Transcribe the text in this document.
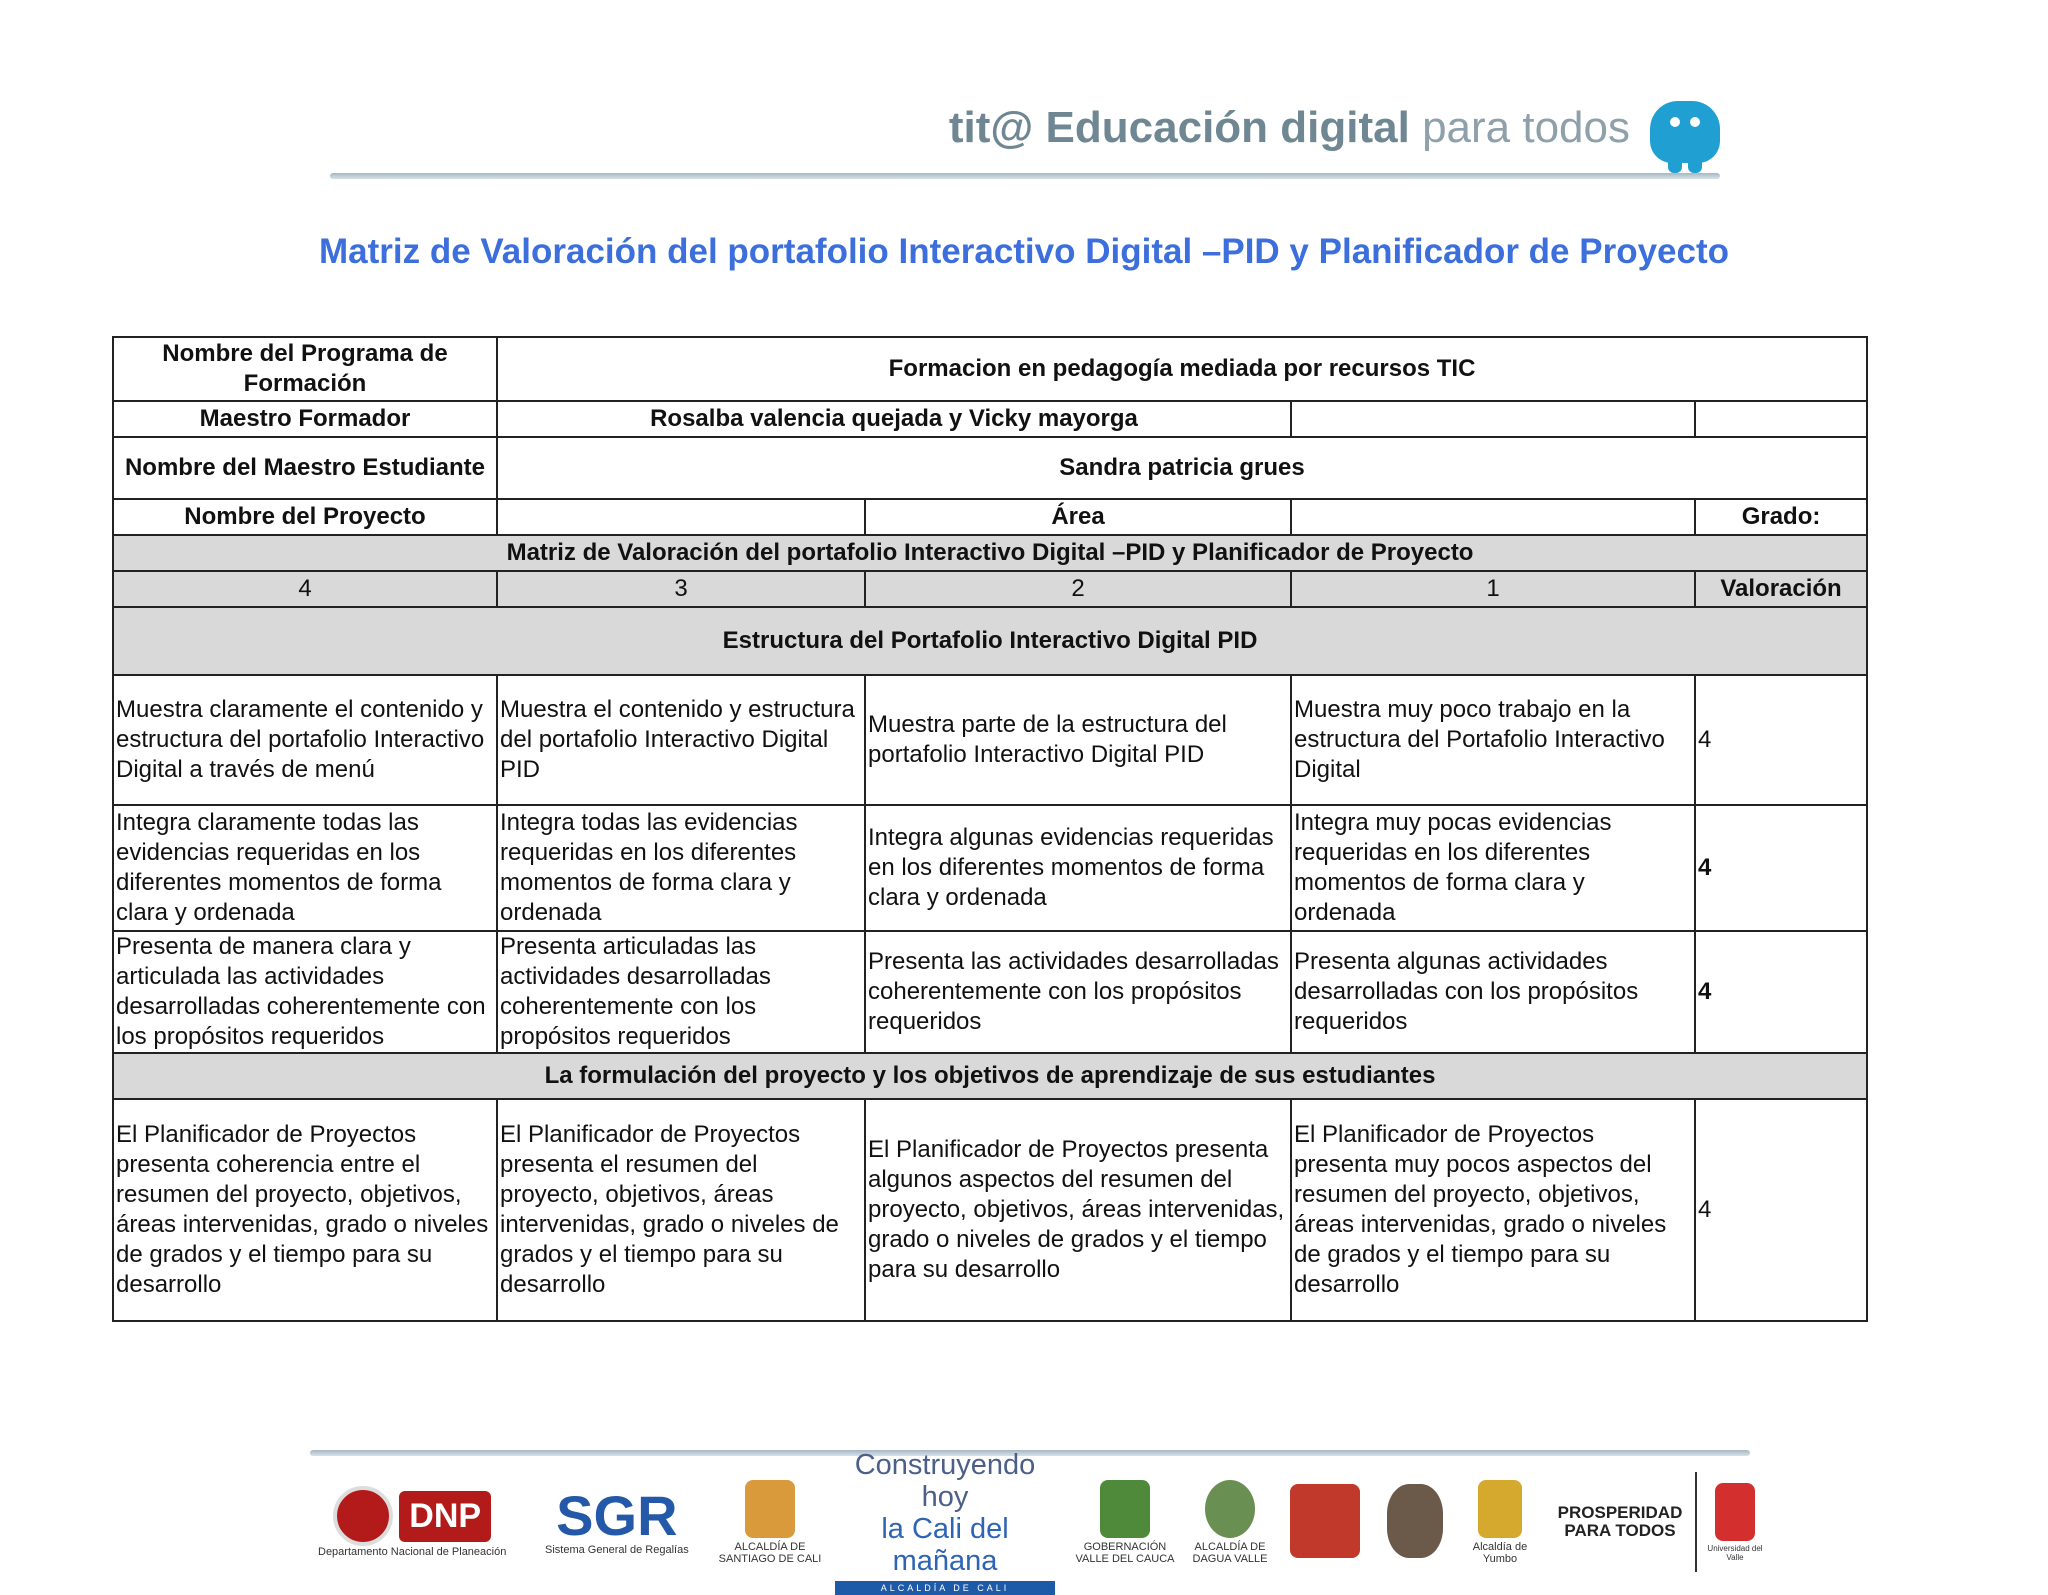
tit@ Educación digital para todos
Matriz de Valoración del portafolio Interactivo Digital –PID y Planificador de Proyecto
Nombre del Programa de Formación	Formacion en pedagogía mediada por recursos TIC			
Maestro Formador	Rosalba valencia quejada y Vicky mayorga			
Nombre del Maestro Estudiante	Sandra patricia grues			
Nombre del Proyecto		Área		Grado:
Matriz de Valoración del portafolio Interactivo Digital –PID y Planificador de Proyecto				
4	3	2	1	Valoración
Estructura del Portafolio Interactivo Digital PID				
Muestra claramente el contenido y estructura del portafolio Interactivo Digital a través de menú	Muestra el contenido y estructura del portafolio Interactivo Digital PID	Muestra parte de la estructura del portafolio Interactivo Digital PID	Muestra muy poco trabajo en la estructura del Portafolio Interactivo Digital	4
Integra claramente todas las evidencias requeridas en los diferentes momentos de forma clara y ordenada	Integra todas las evidencias requeridas en los diferentes momentos de forma clara y ordenada	Integra algunas evidencias requeridas en los diferentes momentos de forma clara y ordenada	Integra muy pocas evidencias requeridas en los diferentes momentos de forma clara y ordenada	4
Presenta de manera clara y articulada las actividades desarrolladas coherentemente con los propósitos requeridos	Presenta articuladas las actividades desarrolladas coherentemente con los propósitos requeridos	Presenta las actividades desarrolladas coherentemente con los propósitos requeridos	Presenta algunas actividades desarrolladas con los propósitos requeridos	4
La formulación del proyecto y los objetivos de aprendizaje de sus estudiantes				
El Planificador de Proyectos presenta coherencia entre el resumen del proyecto, objetivos, áreas intervenidas, grado o niveles de grados y el tiempo para su desarrollo	El Planificador de Proyectos presenta el resumen del proyecto, objetivos, áreas intervenidas, grado o niveles de grados y el tiempo para su desarrollo	El Planificador de Proyectos presenta algunos aspectos del resumen del proyecto, objetivos, áreas intervenidas, grado o niveles de grados y el tiempo para su desarrollo	El Planificador de Proyectos presenta muy pocos aspectos del resumen del proyecto, objetivos, áreas intervenidas, grado o niveles de grados y el tiempo para su desarrollo	4
DNP
Departamento Nacional de Planeación
SGR
Sistema General de Regalías	ALCALDÍA DE SANTIAGO DE CALI
Construyendo hoy
la Cali del mañana
ALCALDÍA DE CALI
GOBERNACIÓN VALLE DEL CAUCA
ALCALDÍA DE DAGUA VALLE
Alcaldía de Yumbo
PROSPERIDAD
PARA TODOS
Universidad del Valle
